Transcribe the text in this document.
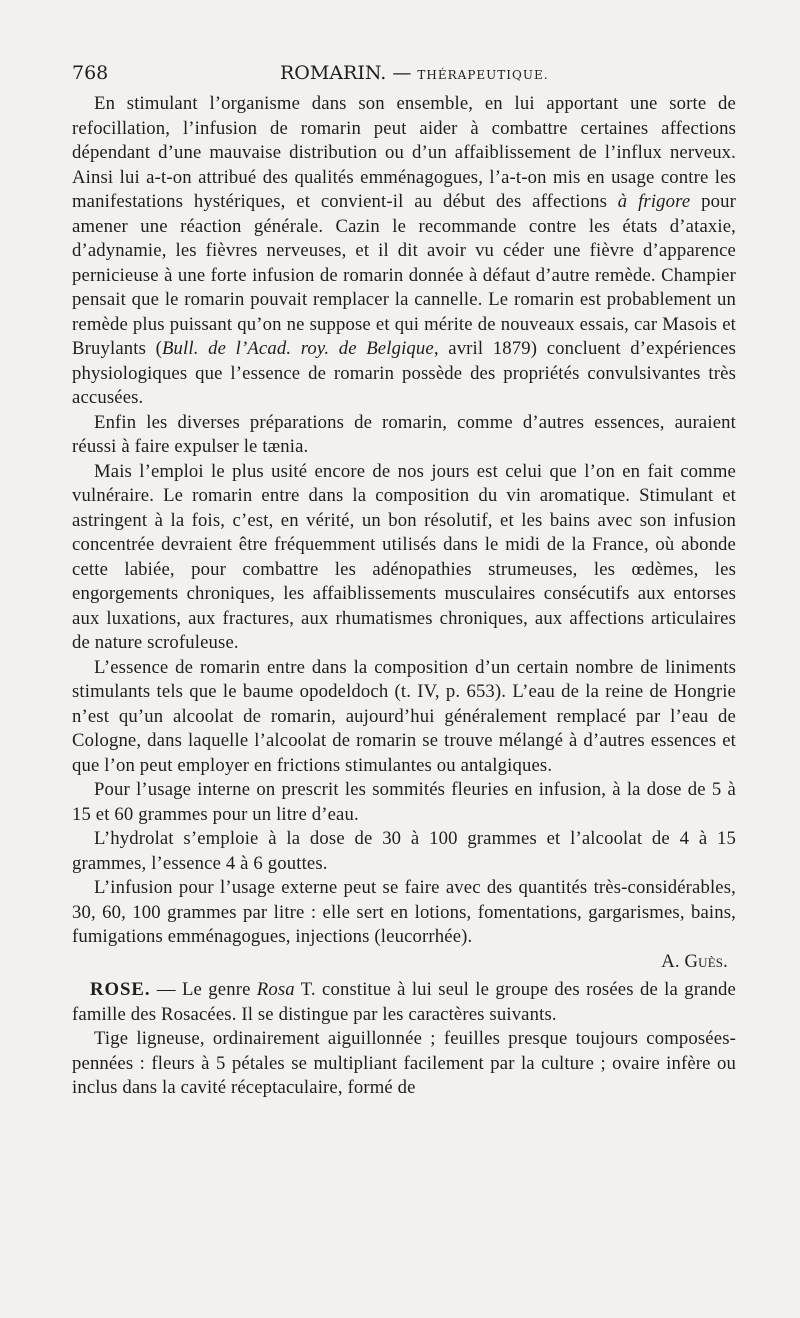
768	ROMARIN. — THÉRAPEUTIQUE.

En stimulant l’organisme dans son ensemble, en lui apportant une sorte de refocillation, l’infusion de romarin peut aider à combattre certaines affections dépendant d’une mauvaise distribution ou d’un affaiblissement de l’influx nerveux. Ainsi lui a-t-on attribué des qualités emménagogues, l’a-t-on mis en usage contre les manifestations hystériques, et convient-il au début des affections à frigore pour amener une réaction générale. Cazin le recommande contre les états d’ataxie, d’adynamie, les fièvres nerveuses, et il dit avoir vu céder une fièvre d’apparence pernicieuse à une forte infusion de romarin donnée à défaut d’autre remède. Champier pensait que le romarin pouvait remplacer la cannelle. Le romarin est probablement un remède plus puissant qu’on ne suppose et qui mérite de nouveaux essais, car Masois et Bruylants (Bull. de l’Acad. roy. de Belgique, avril 1879) concluent d’expériences physiologiques que l’essence de romarin possède des propriétés convulsivantes très accusées.

Enfin les diverses préparations de romarin, comme d’autres essences, auraient réussi à faire expulser le tænia.

Mais l’emploi le plus usité encore de nos jours est celui que l’on en fait comme vulnéraire. Le romarin entre dans la composition du vin aromatique. Stimulant et astringent à la fois, c’est, en vérité, un bon résolutif, et les bains avec son infusion concentrée devraient être fréquemment utilisés dans le midi de la France, où abonde cette labiée, pour combattre les adénopathies strumeuses, les œdèmes, les engorgements chroniques, les affaiblissements musculaires consécutifs aux entorses aux luxations, aux fractures, aux rhumatismes chroniques, aux affections articulaires de nature scrofuleuse.

L’essence de romarin entre dans la composition d’un certain nombre de liniments stimulants tels que le baume opodeldoch (t. IV, p. 653). L’eau de la reine de Hongrie n’est qu’un alcoolat de romarin, aujourd’hui généralement remplacé par l’eau de Cologne, dans laquelle l’alcoolat de romarin se trouve mélangé à d’autres essences et que l’on peut employer en frictions stimulantes ou antalgiques.

Pour l’usage interne on prescrit les sommités fleuries en infusion, à la dose de 5 à 15 et 60 grammes pour un litre d’eau.

L’hydrolat s’emploie à la dose de 30 à 100 grammes et l’alcoolat de 4 à 15 grammes, l’essence 4 à 6 gouttes.

L’infusion pour l’usage externe peut se faire avec des quantités très-considérables, 30, 60, 100 grammes par litre : elle sert en lotions, fomentations, gargarismes, bains, fumigations emménagogues, injections (leucorrhée).

A. Guès.

ROSE. — Le genre Rosa T. constitue à lui seul le groupe des rosées de la grande famille des Rosacées. Il se distingue par les caractères suivants.

Tige ligneuse, ordinairement aiguillonnée ; feuilles presque toujours composées-pennées : fleurs à 5 pétales se multipliant facilement par la culture ; ovaire infère ou inclus dans la cavité réceptaculaire, formé de
